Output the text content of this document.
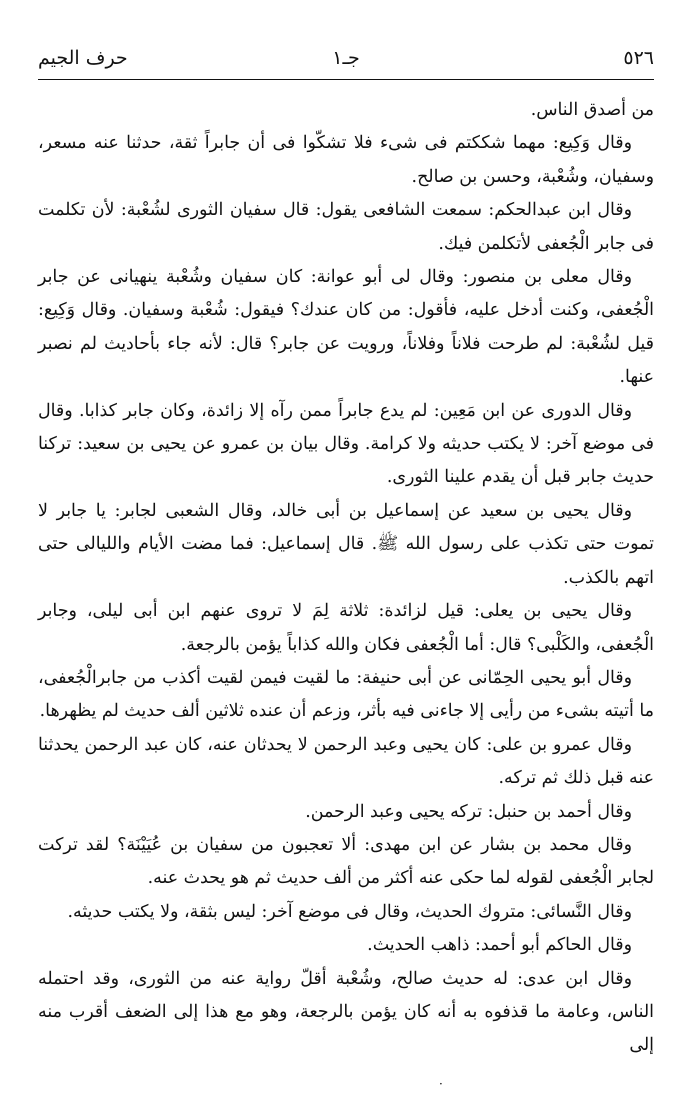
٥٢٦
جـ١
حرف الجيم

من أصدق الناس.

وقال وَكِيع: مهما شككتم فى شىء فلا تشكّوا فى أن جابراً ثقة، حدثنا عنه مسعر، وسفيان، وشُعْبة، وحسن بن صالح.

وقال ابن عبدالحكم: سمعت الشافعى يقول: قال سفيان الثورى لشُعْبة: لأن تكلمت فى جابر الْجُعفى لأتكلمن فيك.

وقال معلى بن منصور: وقال لى أبو عوانة: كان سفيان وشُعْبة ينهيانى عن جابر الْجُعفى، وكنت أدخل عليه، فأقول: من كان عندك؟ فيقول: شُعْبة وسفيان. وقال وَكِيع: قيل لشُعْبة: لم طرحت فلاناً وفلاناً، ورويت عن جابر؟ قال: لأنه جاء بأحاديث لم نصبر عنها.

وقال الدورى عن ابن مَعِين: لم يدع جابراً ممن رآه إلا زائدة، وكان جابر كذابا. وقال فى موضع آخر: لا يكتب حديثه ولا كرامة. وقال بيان بن عمرو عن يحيى بن سعيد: تركنا حديث جابر قبل أن يقدم علينا الثورى.

وقال يحيى بن سعيد عن إسماعيل بن أبى خالد، وقال الشعبى لجابر: يا جابر لا تموت حتى تكذب على رسول الله ﷺ. قال إسماعيل: فما مضت الأيام والليالى حتى اتهم بالكذب.

وقال يحيى بن يعلى: قيل لزائدة: ثلاثة لِمَ لا تروى عنهم ابن أبى ليلى، وجابر الْجُعفى، والكَلْبى؟ قال: أما الْجُعفى فكان والله كذاباً يؤمن بالرجعة.

وقال أبو يحيى الحِمّانى عن أبى حنيفة: ما لقيت فيمن لقيت أكذب من جابرالْجُعفى، ما أتيته بشىء من رأيى إلا جاءنى فيه بأثر، وزعم أن عنده ثلاثين ألف حديث لم يظهرها.

وقال عمرو بن على: كان يحيى وعبد الرحمن لا يحدثان عنه، كان عبد الرحمن يحدثنا عنه قبل ذلك ثم تركه.

وقال أحمد بن حنبل: تركه يحيى وعبد الرحمن.

وقال محمد بن بشار عن ابن مهدى: ألا تعجبون من سفيان بن عُيَيْنَة؟ لقد تركت لجابر الْجُعفى لقوله لما حكى عنه أكثر من ألف حديث ثم هو يحدث عنه.

وقال النَّسائى: متروك الحديث، وقال فى موضع آخر: ليس بثقة، ولا يكتب حديثه.

وقال الحاكم أبو أحمد: ذاهب الحديث.

وقال ابن عدى: له حديث صالح، وشُعْبة أقلّ رواية عنه من الثورى، وقد احتمله الناس، وعامة ما قذفوه به أنه كان يؤمن بالرجعة، وهو مع هذا إلى الضعف أقرب منه إلى

·
